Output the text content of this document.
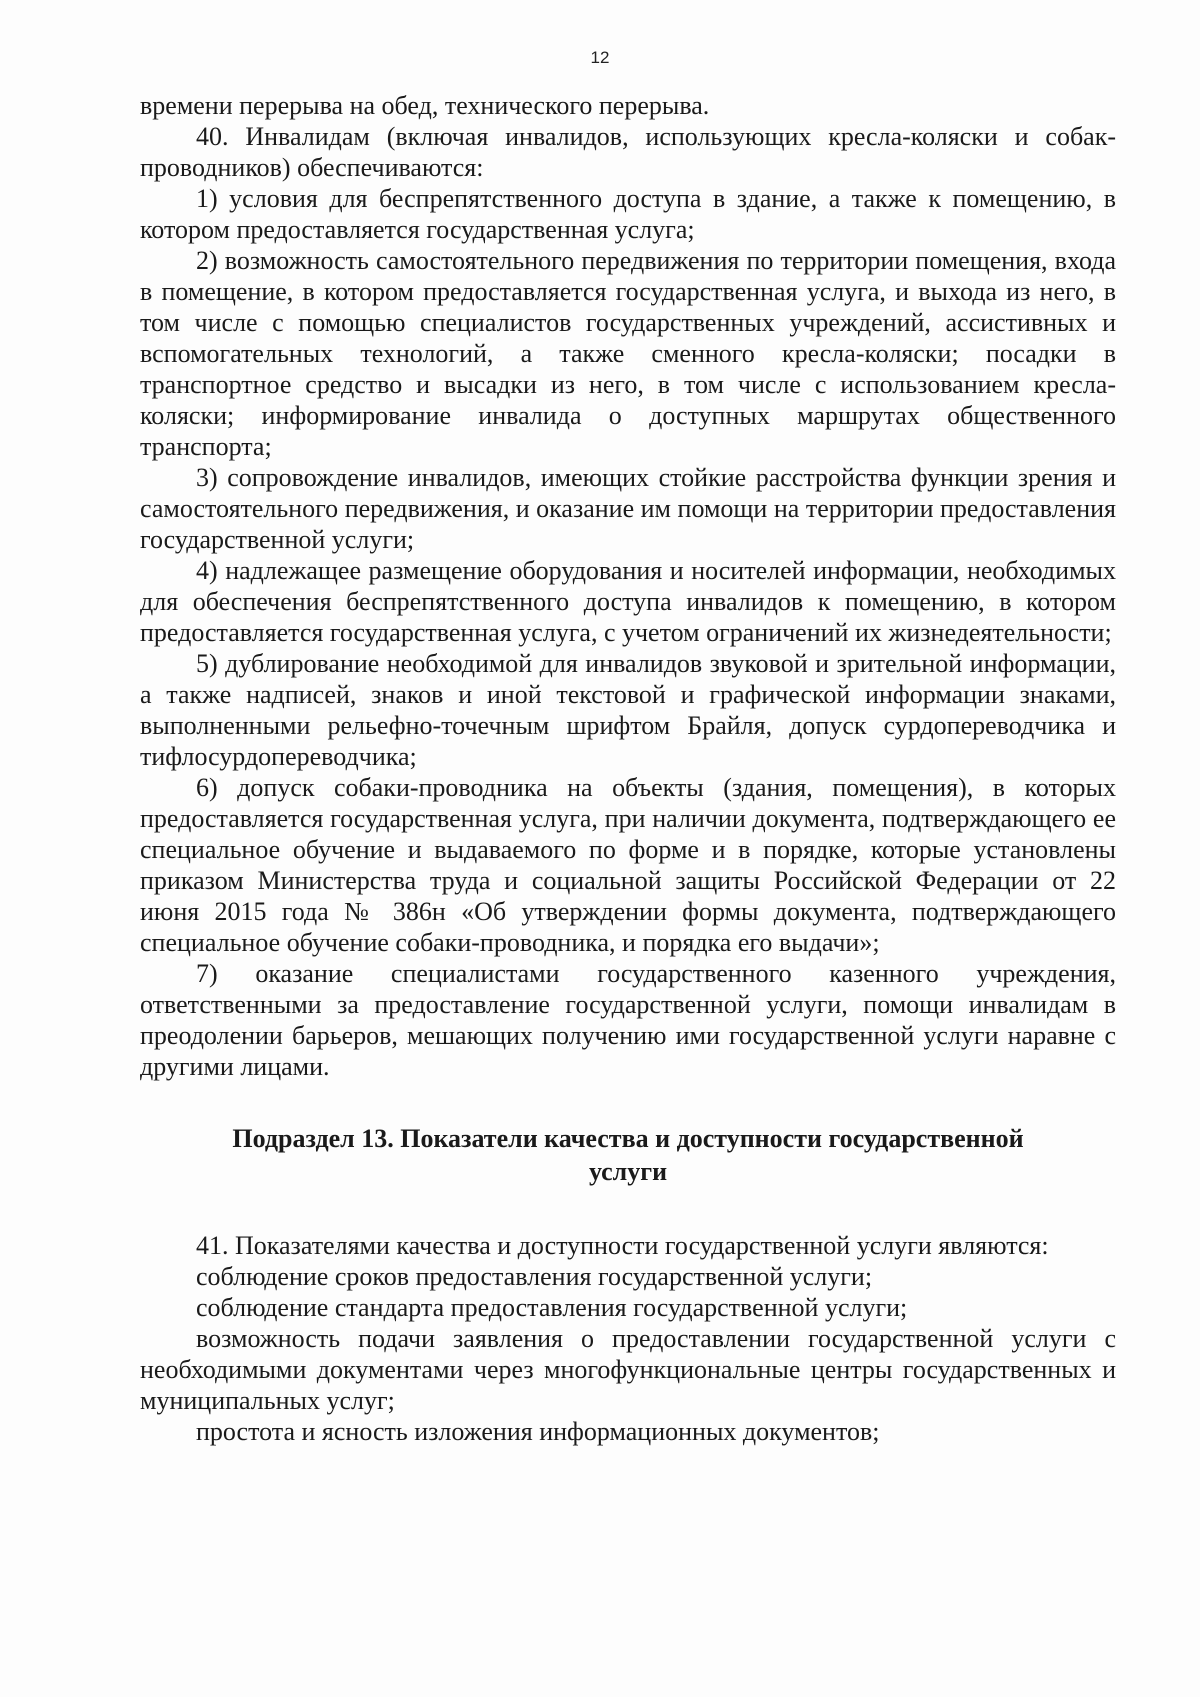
12

времени перерыва на обед, технического перерыва.

40. Инвалидам (включая инвалидов, использующих кресла-коляски и собак-проводников) обеспечиваются:

1) условия для беспрепятственного доступа в здание, а также к помещению, в котором предоставляется государственная услуга;

2) возможность самостоятельного передвижения по территории помещения, входа в помещение, в котором предоставляется государственная услуга, и выхода из него, в том числе с помощью специалистов государственных учреждений, ассистивных и вспомогательных технологий, а также сменного кресла-коляски; посадки в транспортное средство и высадки из него, в том числе с использованием кресла-коляски; информирование инвалида о доступных маршрутах общественного транспорта;

3) сопровождение инвалидов, имеющих стойкие расстройства функции зрения и самостоятельного передвижения, и оказание им помощи на территории предоставления государственной услуги;

4) надлежащее размещение оборудования и носителей информации, необходимых для обеспечения беспрепятственного доступа инвалидов к помещению, в котором предоставляется государственная услуга, с учетом ограничений их жизнедеятельности;

5) дублирование необходимой для инвалидов звуковой и зрительной информации, а также надписей, знаков и иной текстовой и графической информации знаками, выполненными рельефно-точечным шрифтом Брайля, допуск сурдопереводчика и тифлосурдопереводчика;

6) допуск собаки-проводника на объекты (здания, помещения), в которых предоставляется государственная услуга, при наличии документа, подтверждающего ее специальное обучение и выдаваемого по форме и в порядке, которые установлены приказом Министерства труда и социальной защиты Российской Федерации от 22 июня 2015 года № 386н «Об утверждении формы документа, подтверждающего специальное обучение собаки-проводника, и порядка его выдачи»;

7) оказание специалистами государственного казенного учреждения, ответственными за предоставление государственной услуги, помощи инвалидам в преодолении барьеров, мешающих получению ими государственной услуги наравне с другими лицами.

Подраздел 13. Показатели качества и доступности государственной
услуги

41. Показателями качества и доступности государственной услуги являются:

соблюдение сроков предоставления государственной услуги;

соблюдение стандарта предоставления государственной услуги;

возможность подачи заявления о предоставлении государственной услуги с необходимыми документами через многофункциональные центры государственных и муниципальных услуг;

простота и ясность изложения информационных документов;
